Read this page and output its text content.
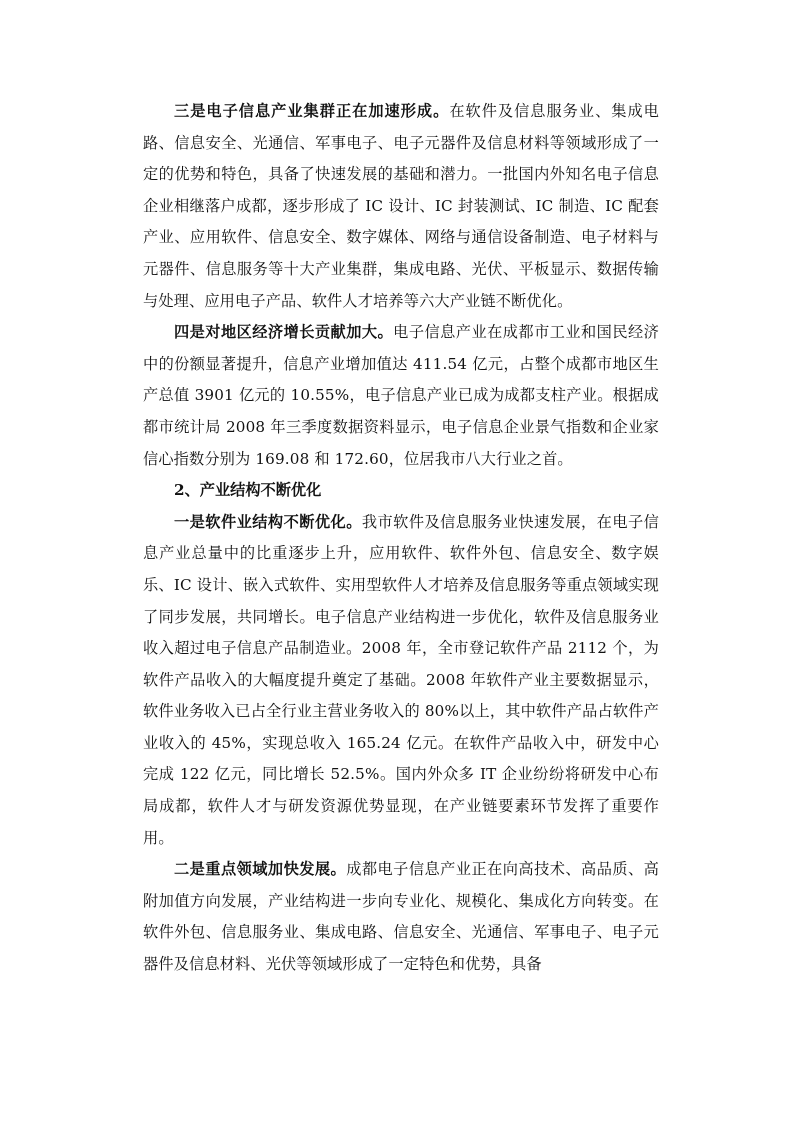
三是电子信息产业集群正在加速形成。在软件及信息服务业、集成电路、信息安全、光通信、军事电子、电子元器件及信息材料等领域形成了一定的优势和特色，具备了快速发展的基础和潜力。一批国内外知名电子信息企业相继落户成都，逐步形成了 IC 设计、IC 封装测试、IC 制造、IC 配套产业、应用软件、信息安全、数字媒体、网络与通信设备制造、电子材料与元器件、信息服务等十大产业集群，集成电路、光伏、平板显示、数据传输与处理、应用电子产品、软件人才培养等六大产业链不断优化。

四是对地区经济增长贡献加大。电子信息产业在成都市工业和国民经济中的份额显著提升，信息产业增加值达 411.54 亿元，占整个成都市地区生产总值 3901 亿元的 10.55%，电子信息产业已成为成都支柱产业。根据成都市统计局 2008 年三季度数据资料显示，电子信息企业景气指数和企业家信心指数分别为 169.08 和 172.60，位居我市八大行业之首。

2、产业结构不断优化

一是软件业结构不断优化。我市软件及信息服务业快速发展，在电子信息产业总量中的比重逐步上升，应用软件、软件外包、信息安全、数字娱乐、IC 设计、嵌入式软件、实用型软件人才培养及信息服务等重点领域实现了同步发展，共同增长。电子信息产业结构进一步优化，软件及信息服务业收入超过电子信息产品制造业。2008 年，全市登记软件产品 2112 个，为软件产品收入的大幅度提升奠定了基础。2008 年软件产业主要数据显示，软件业务收入已占全行业主营业务收入的 80%以上，其中软件产品占软件产业收入的 45%，实现总收入 165.24 亿元。在软件产品收入中，研发中心完成 122 亿元，同比增长 52.5%。国内外众多 IT 企业纷纷将研发中心布局成都，软件人才与研发资源优势显现，在产业链要素环节发挥了重要作用。

二是重点领域加快发展。成都电子信息产业正在向高技术、高品质、高附加值方向发展，产业结构进一步向专业化、规模化、集成化方向转变。在软件外包、信息服务业、集成电路、信息安全、光通信、军事电子、电子元器件及信息材料、光伏等领域形成了一定特色和优势，具备
